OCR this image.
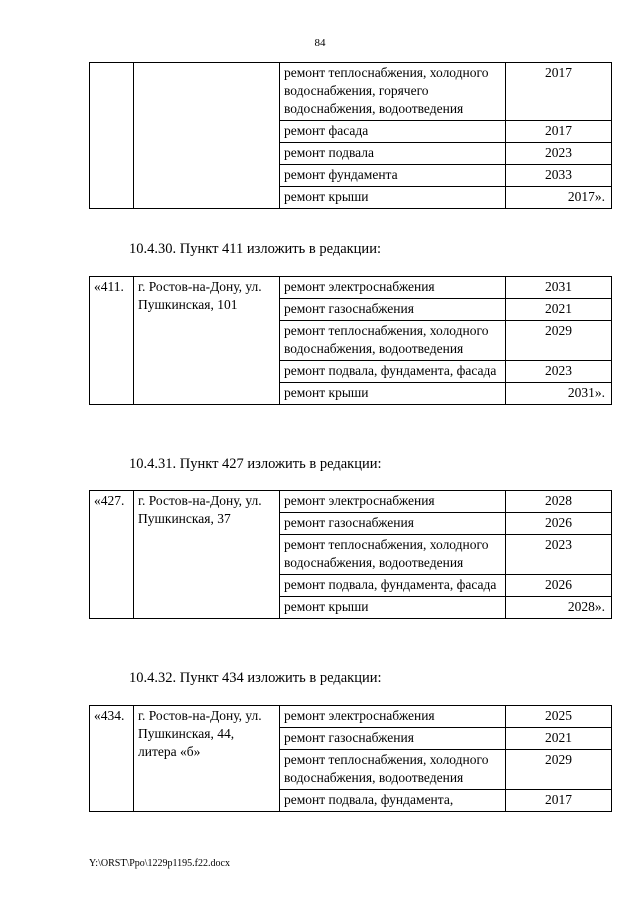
84
		ремонт теплоснабжения, холодного водоснабжения, горячего водоснабжения, водоотведения	2017
		ремонт фасада	2017
		ремонт подвала	2023
		ремонт фундамента	2033
		ремонт крыши	2017».
10.4.30. Пункт 411 изложить в редакции:
«411.	г. Ростов-на-Дону, ул. Пушкинская, 101	ремонт электроснабжения	2031
		ремонт газоснабжения	2021
		ремонт теплоснабжения, холодного водоснабжения, водоотведения	2029
		ремонт подвала, фундамента, фасада	2023
		ремонт крыши	2031».
10.4.31. Пункт 427 изложить в редакции:
«427.	г. Ростов-на-Дону, ул. Пушкинская, 37	ремонт электроснабжения	2028
		ремонт газоснабжения	2026
		ремонт теплоснабжения, холодного водоснабжения, водоотведения	2023
		ремонт подвала, фундамента, фасада	2026
		ремонт крыши	2028».
10.4.32. Пункт 434 изложить в редакции:
«434.	г. Ростов-на-Дону, ул. Пушкинская, 44, литера «б»	ремонт электроснабжения	2025
		ремонт газоснабжения	2021
		ремонт теплоснабжения, холодного водоснабжения, водоотведения	2029
		ремонт подвала, фундамента,	2017
Y:\ORST\Ppo\1229p1195.f22.docx
